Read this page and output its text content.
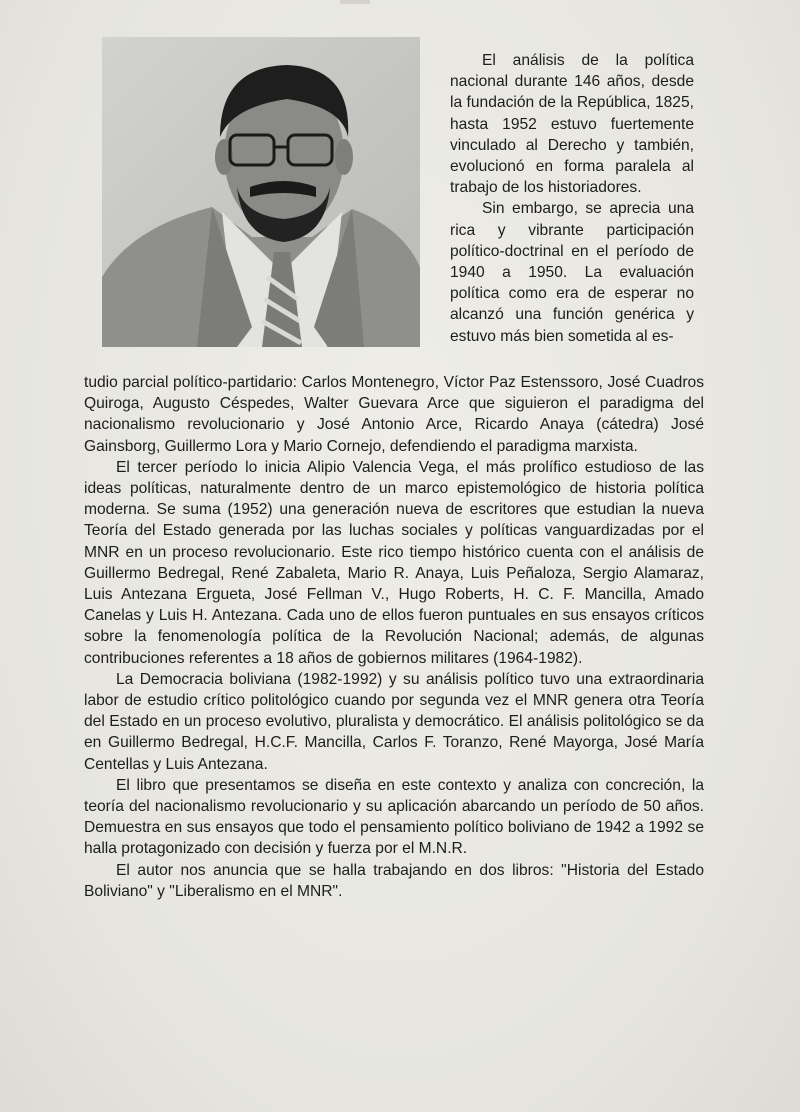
El análisis de la política nacional durante 146 años, desde la fundación de la República, 1825, hasta 1952 estuvo fuertemente vinculado al Derecho y también, evolucionó en forma paralela al trabajo de los historiadores.

Sin embargo, se aprecia una rica y vibrante participación político-doctrinal en el período de 1940 a 1950. La evaluación política como era de esperar no alcanzó una función genérica y estuvo más bien sometida al es-

tudio parcial político-partidario: Carlos Montenegro, Víctor Paz Estenssoro, José Cuadros Quiroga, Augusto Céspedes, Walter Guevara Arce que siguieron el paradigma del nacionalismo revolucionario y José Antonio Arce, Ricardo Anaya (cátedra) José Gainsborg, Guillermo Lora y Mario Cornejo, defendiendo el paradigma marxista.

El tercer período lo inicia Alipio Valencia Vega, el más prolífico estudioso de las ideas políticas, naturalmente dentro de un marco epistemológico de historia política moderna. Se suma (1952) una generación nueva de escritores que estudian la nueva Teoría del Estado generada por las luchas sociales y políticas vanguardizadas por el MNR en un proceso revolucionario. Este rico tiempo histórico cuenta con el análisis de Guillermo Bedregal, René Zabaleta, Mario R. Anaya, Luis Peñaloza, Sergio Alamaraz, Luis Antezana Ergueta, José Fellman V., Hugo Roberts, H. C. F. Mancilla, Amado Canelas y Luis H. Antezana. Cada uno de ellos fueron puntuales en sus ensayos críticos sobre la fenomenología política de la Revolución Nacional; además, de algunas contribuciones referentes a 18 años de gobiernos militares (1964-1982).

La Democracia boliviana (1982-1992) y su análisis político tuvo una extraordinaria labor de estudio crítico politológico cuando por segunda vez el MNR genera otra Teoría del Estado en un proceso evolutivo, pluralista y democrático. El análisis politológico se da en Guillermo Bedregal, H.C.F. Mancilla, Carlos F. Toranzo, René Mayorga, José María Centellas y Luis Antezana.

El libro que presentamos se diseña en este contexto y analiza con concreción, la teoría del nacionalismo revolucionario y su aplicación abarcando un período de 50 años. Demuestra en sus ensayos que todo el pensamiento político boliviano de 1942 a 1992 se halla protagonizado con decisión y fuerza por el M.N.R.

El autor nos anuncia que se halla trabajando en dos libros: "Historia del Estado Boliviano" y "Liberalismo en el MNR".
